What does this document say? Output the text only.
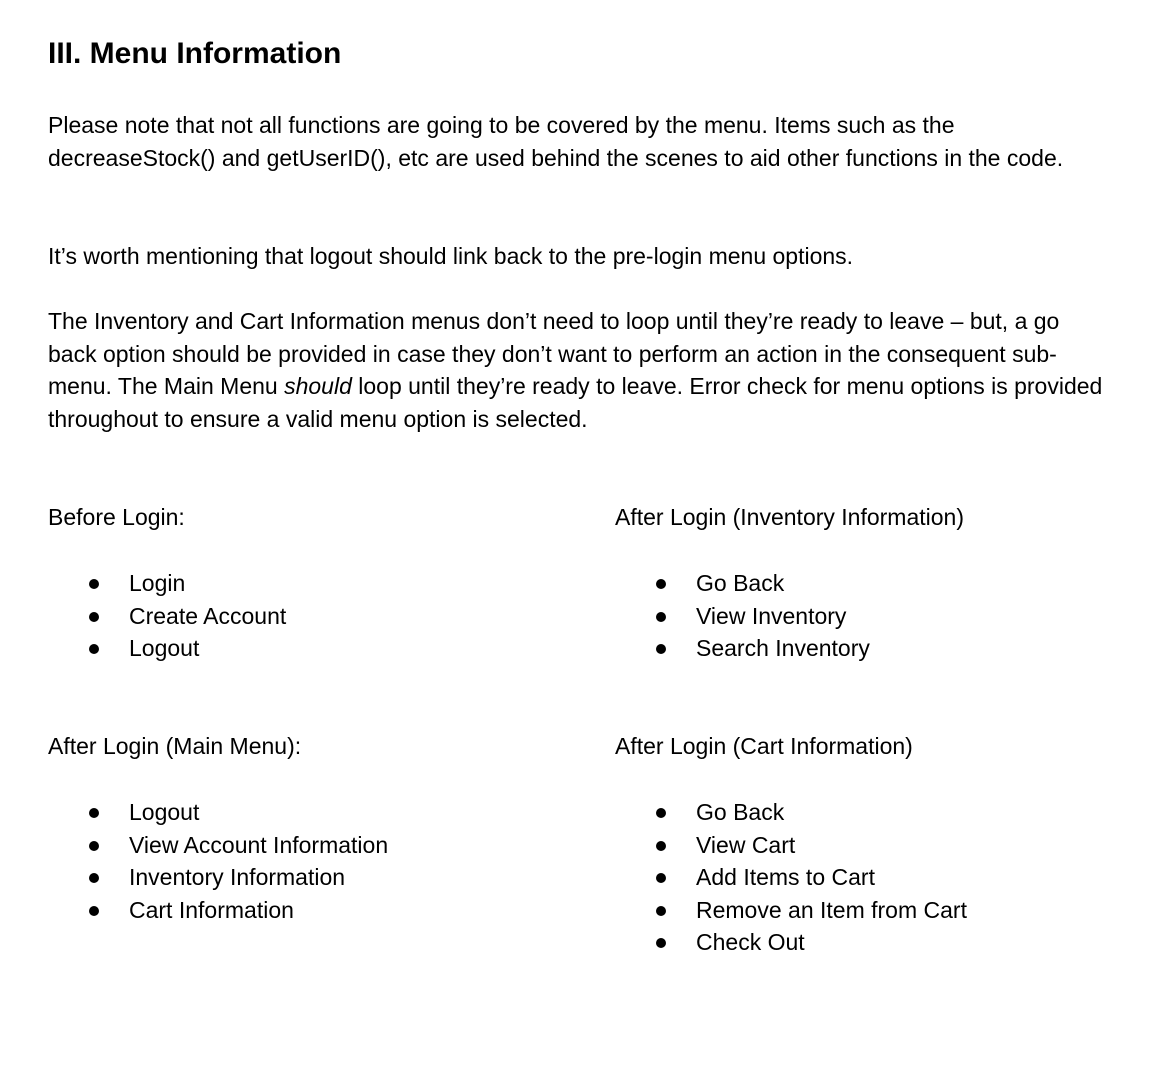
III. Menu Information

Please note that not all functions are going to be covered by the menu. Items such as the decreaseStock() and getUserID(), etc are used behind the scenes to aid other functions in the code.

It’s worth mentioning that logout should link back to the pre-login menu options.

The Inventory and Cart Information menus don’t need to loop until they’re ready to leave – but, a go back option should be provided in case they don’t want to perform an action in the consequent sub-menu. The Main Menu should loop until they’re ready to leave. Error check for menu options is provided throughout to ensure a valid menu option is selected.

Before Login:
Login
Create Account
Logout
After Login (Main Menu):
Logout
View Account Information
Inventory Information
Cart Information
After Login (Inventory Information)
Go Back
View Inventory
Search Inventory
After Login (Cart Information)
Go Back
View Cart
Add Items to Cart
Remove an Item from Cart
Check Out
